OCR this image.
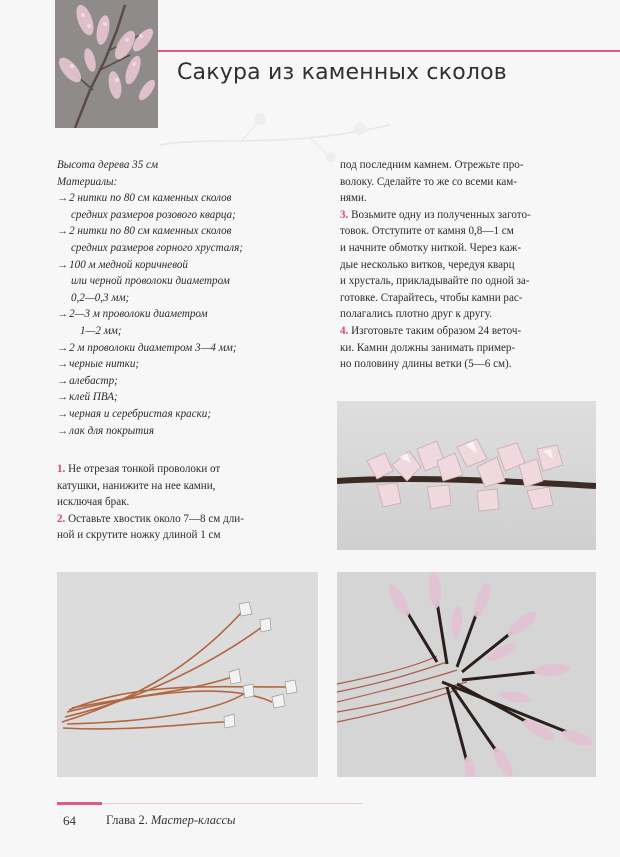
Сакура из каменных сколов

Высота дерева 35 см

Материалы:

→2 нитки по 80 см каменных сколов

средних размеров розового кварца;

→2 нитки по 80 см каменных сколов

средних размеров горного хрусталя;

→100 м медной коричневой

или черной проволоки диаметром

0,2—0,3 мм;

→2—3 м проволоки диаметром

1—2 мм;

→2 м проволоки диаметром 3—4 мм;

→черные нитки;

→алебастр;

→клей ПВА;

→черная и серебристая краски;

→лак для покрытия

1. Не отрезая тонкой проволоки от

катушки, нанижите на нее камни,

исключая брак.

2. Оставьте хвостик около 7—8 см дли-

ной и скрутите ножку длиной 1 см

под последним камнем. Отрежьте про-

волоку. Сделайте то же со всеми кам-

нями.

3. Возьмите одну из полученных загото-

товок. Отступите от камня 0,8—1 см

и начните обмотку ниткой. Через каж-

дые несколько витков, чередуя кварц

и хрусталь, прикладывайте по одной за-

готовке. Старайтесь, чтобы камни рас-

полагались плотно друг к другу.

4. Изготовьте таким образом 24 веточ-

ки. Камни должны занимать пример-

но половину длины ветки (5—6 см).

64 Глава 2. Мастер-классы
